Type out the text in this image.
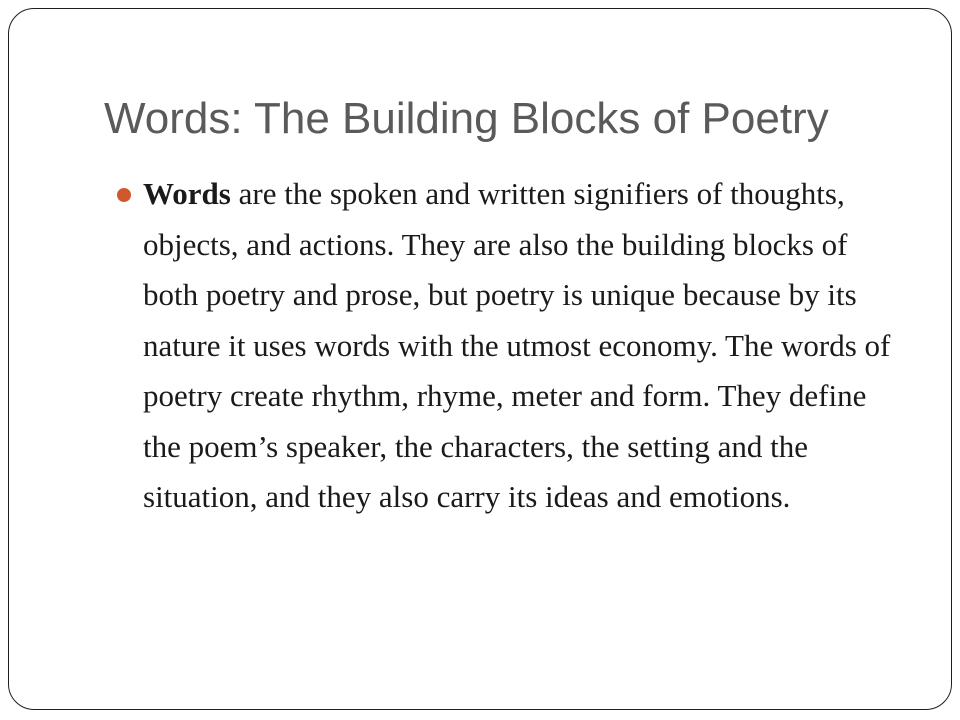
Words: The Building Blocks of Poetry
Words are the spoken and written signifiers of thoughts, objects, and actions. They are also the building blocks of both poetry and prose, but poetry is unique because by its nature it uses words with the utmost economy. The words of poetry create rhythm, rhyme, meter and form. They define the poem’s speaker, the characters, the setting and the situation, and they also carry its ideas and emotions.
